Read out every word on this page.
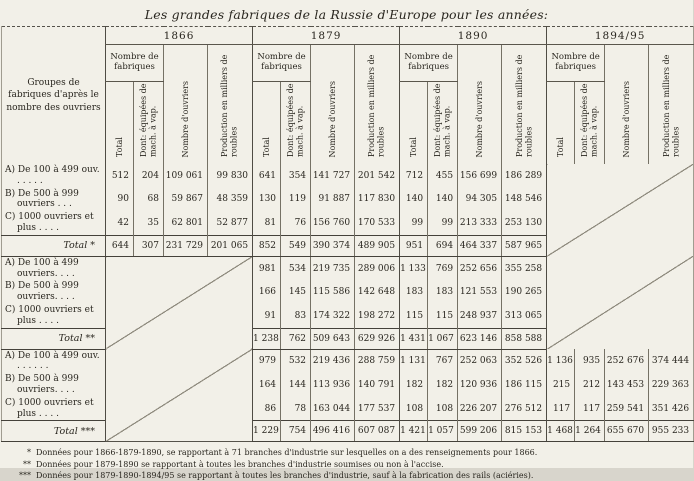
Les grandes fabriques de la Russie d'Europe pour les années:
Groupes de fabriques d'après le nombre des ouvriers	1866				1879				1890				1894/95			
	Nombre de fabriques		Nombre d'ouvriers	Production en milliers de roubles	Nombre de fabriques		Nombre d'ouvriers	Production en milliers de roubles	Nombre de fabriques		Nombre d'ouvriers	Production en milliers de roubles	Nombre de fabriques		Nombre d'ouvriers	Production en milliers de roubles
	Total	Dont: équipées de mach. à vap.			Total	Dont: équipées de mach. à vap.			Total	Dont: équipées de mach. à vap.			Total	Dont: équipées de mach. à vap.		
A) De 100 à 499 ouv. . . . . .	512	204	109 061	99 830	641	354	141 727	201 542	712	455	156 699	186 289				
B) De 500 à 999 ouvriers . . .	90	68	59 867	48 359	130	119	91 887	117 830	140	140	94 305	148 546				
C) 1000 ouvriers et plus . . . .	42	35	62 801	52 877	81	76	156 760	170 533	99	99	213 333	253 130				
Total *	644	307	231 729	201 065	852	549	390 374	489 905	951	694	464 337	587 965				
A) De 100 à 499 ouvriers. . . .					981	534	219 735	289 006	1 133	769	252 656	355 258				
B) De 500 à 999 ouvriers. . . .					166	145	115 586	142 648	183	183	121 553	190 265				
C) 1000 ouvriers et plus . . . .					91	83	174 322	198 272	115	115	248 937	313 065				
Total **					1 238	762	509 643	629 926	1 431	1 067	623 146	858 588				
A) De 100 à 499 ouv. . . . . . .					979	532	219 436	288 759	1 131	767	252 063	352 526	1 136	935	252 676	374 444
B) De 500 à 999 ouvriers. . . .					164	144	113 936	140 791	182	182	120 936	186 115	215	212	143 453	229 363
C) 1000 ouvriers et plus . . . .					86	78	163 044	177 537	108	108	226 207	276 512	117	117	259 541	351 426
Total ***					1 229	754	496 416	607 087	1 421	1 057	599 206	815 153	1 468	1 264	655 670	955 233
* Données pour 1866-1879-1890, se rapportant à 71 branches d'industrie sur lesquelles on a des renseignements pour 1866.
** Données pour 1879-1890 se rapportant à toutes les branches d'industrie soumises ou non à l'accise.
*** Données pour 1879-1890-1894/95 se rapportant à toutes les branches d'industrie, sauf à la fabrication des rails (aciéries).
